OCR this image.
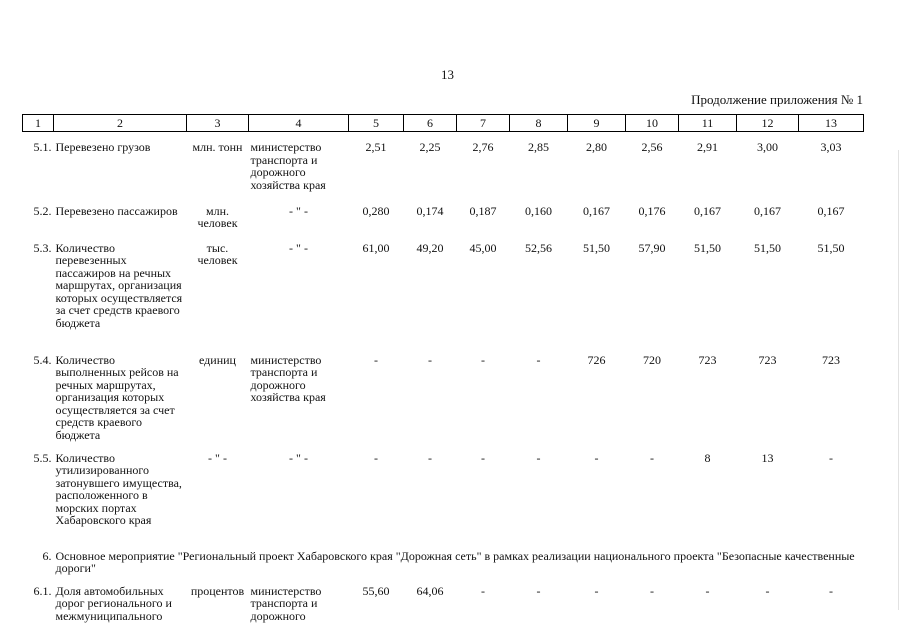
13
Продолжение приложения № 1
1	2	3	4	5	6	7	8	9	10	11	12	13
5.1.	Перевезено грузов	млн. тонн	министерство транспорта и дорожного хозяйства края	2,51	2,25	2,76	2,85	2,80	2,56	2,91	3,00	3,03
5.2.	Перевезено пассажиров	млн. человек	- " -	0,280	0,174	0,187	0,160	0,167	0,176	0,167	0,167	0,167
5.3.	Количество перевезенных пассажиров на речных маршрутах, организация которых осуществляется за счет средств краевого бюджета	тыс. человек	- " -	61,00	49,20	45,00	52,56	51,50	57,90	51,50	51,50	51,50
5.4.	Количество выполненных рейсов на речных маршрутах, организация которых осуществляется за счет средств краевого бюджета	единиц	министерство транспорта и дорожного хозяйства края	-	-	-	-	726	720	723	723	723
5.5.	Количество утилизированного затонувшего имущества, расположенного в морских портах Хабаровского края	- " -	- " -	-	-	-	-	-	-	8	13	-
6.	Основное мероприятие "Региональный проект Хабаровского края "Дорожная сеть" в рамках реализации национального проекта "Безопасные качественные дороги"											
6.1.	Доля автомобильных дорог регионального и межмуниципального	процентов	министерство транспорта и дорожного	55,60	64,06	-	-	-	-	-	-	-
